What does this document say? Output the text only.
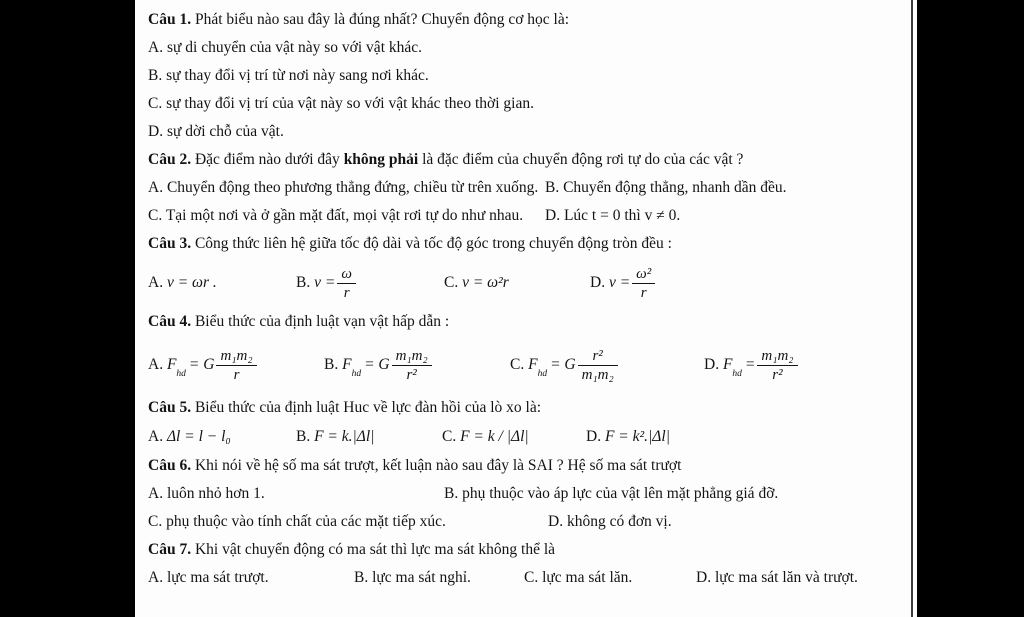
Câu 1. Phát biểu nào sau đây là đúng nhất? Chuyển động cơ học là:
A. sự di chuyển của vật này so với vật khác.
B. sự thay đổi vị trí từ nơi này sang nơi khác.
C. sự thay đổi vị trí của vật này so với vật khác theo thời gian.
D. sự dời chỗ của vật.
Câu 2. Đặc điểm nào dưới đây không phải là đặc điểm của chuyển động rơi tự do của các vật ?
A. Chuyển động theo phương thẳng đứng, chiều từ trên xuống. B. Chuyển động thẳng, nhanh dần đều.
C. Tại một nơi và ở gần mặt đất, mọi vật rơi tự do như nhau.	D. Lúc t = 0 thì v ≠ 0.
Câu 3. Công thức liên hệ giữa tốc độ dài và tốc độ góc trong chuyển động tròn đều :
A. v = ωr .	B. $v = \frac{\omega}{r}$	C. v = ω²r	D. $v = \frac{\text{ω²}}{r}$
Câu 4. Biểu thức của định luật vạn vật hấp dẫn :
A. $F_{hd}= G \frac{\text{m₁m₂}}{r}$	B. $F_{hd}= G \frac{\text{m₁m₂}}{\text{r²}}$	C. $F_{hd}= G \frac{\text{r²}}{\text{m₁m₂}}$	D. $F_{hd}= \frac{\text{m₁m₂}}{\text{r²}}$
Câu 5. Biểu thức của định luật Huc về lực đàn hồi của lò xo là:
A. Δl = l − l₀	B. F = k.|Δl|	C. F = k / |Δl|	D. F = k².|Δl|
Câu 6. Khi nói về hệ số ma sát trượt, kết luận nào sau đây là SAI ? Hệ số ma sát trượt
A. luôn nhỏ hơn 1.	B. phụ thuộc vào áp lực của vật lên mặt phẳng giá đỡ.
C. phụ thuộc vào tính chất của các mặt tiếp xúc.	D. không có đơn vị.
Câu 7. Khi vật chuyển động có ma sát thì lực ma sát không thể là
A. lực ma sát trượt.	B. lực ma sát nghỉ.	C. lực ma sát lăn.	D. lực ma sát lăn và trượt.
